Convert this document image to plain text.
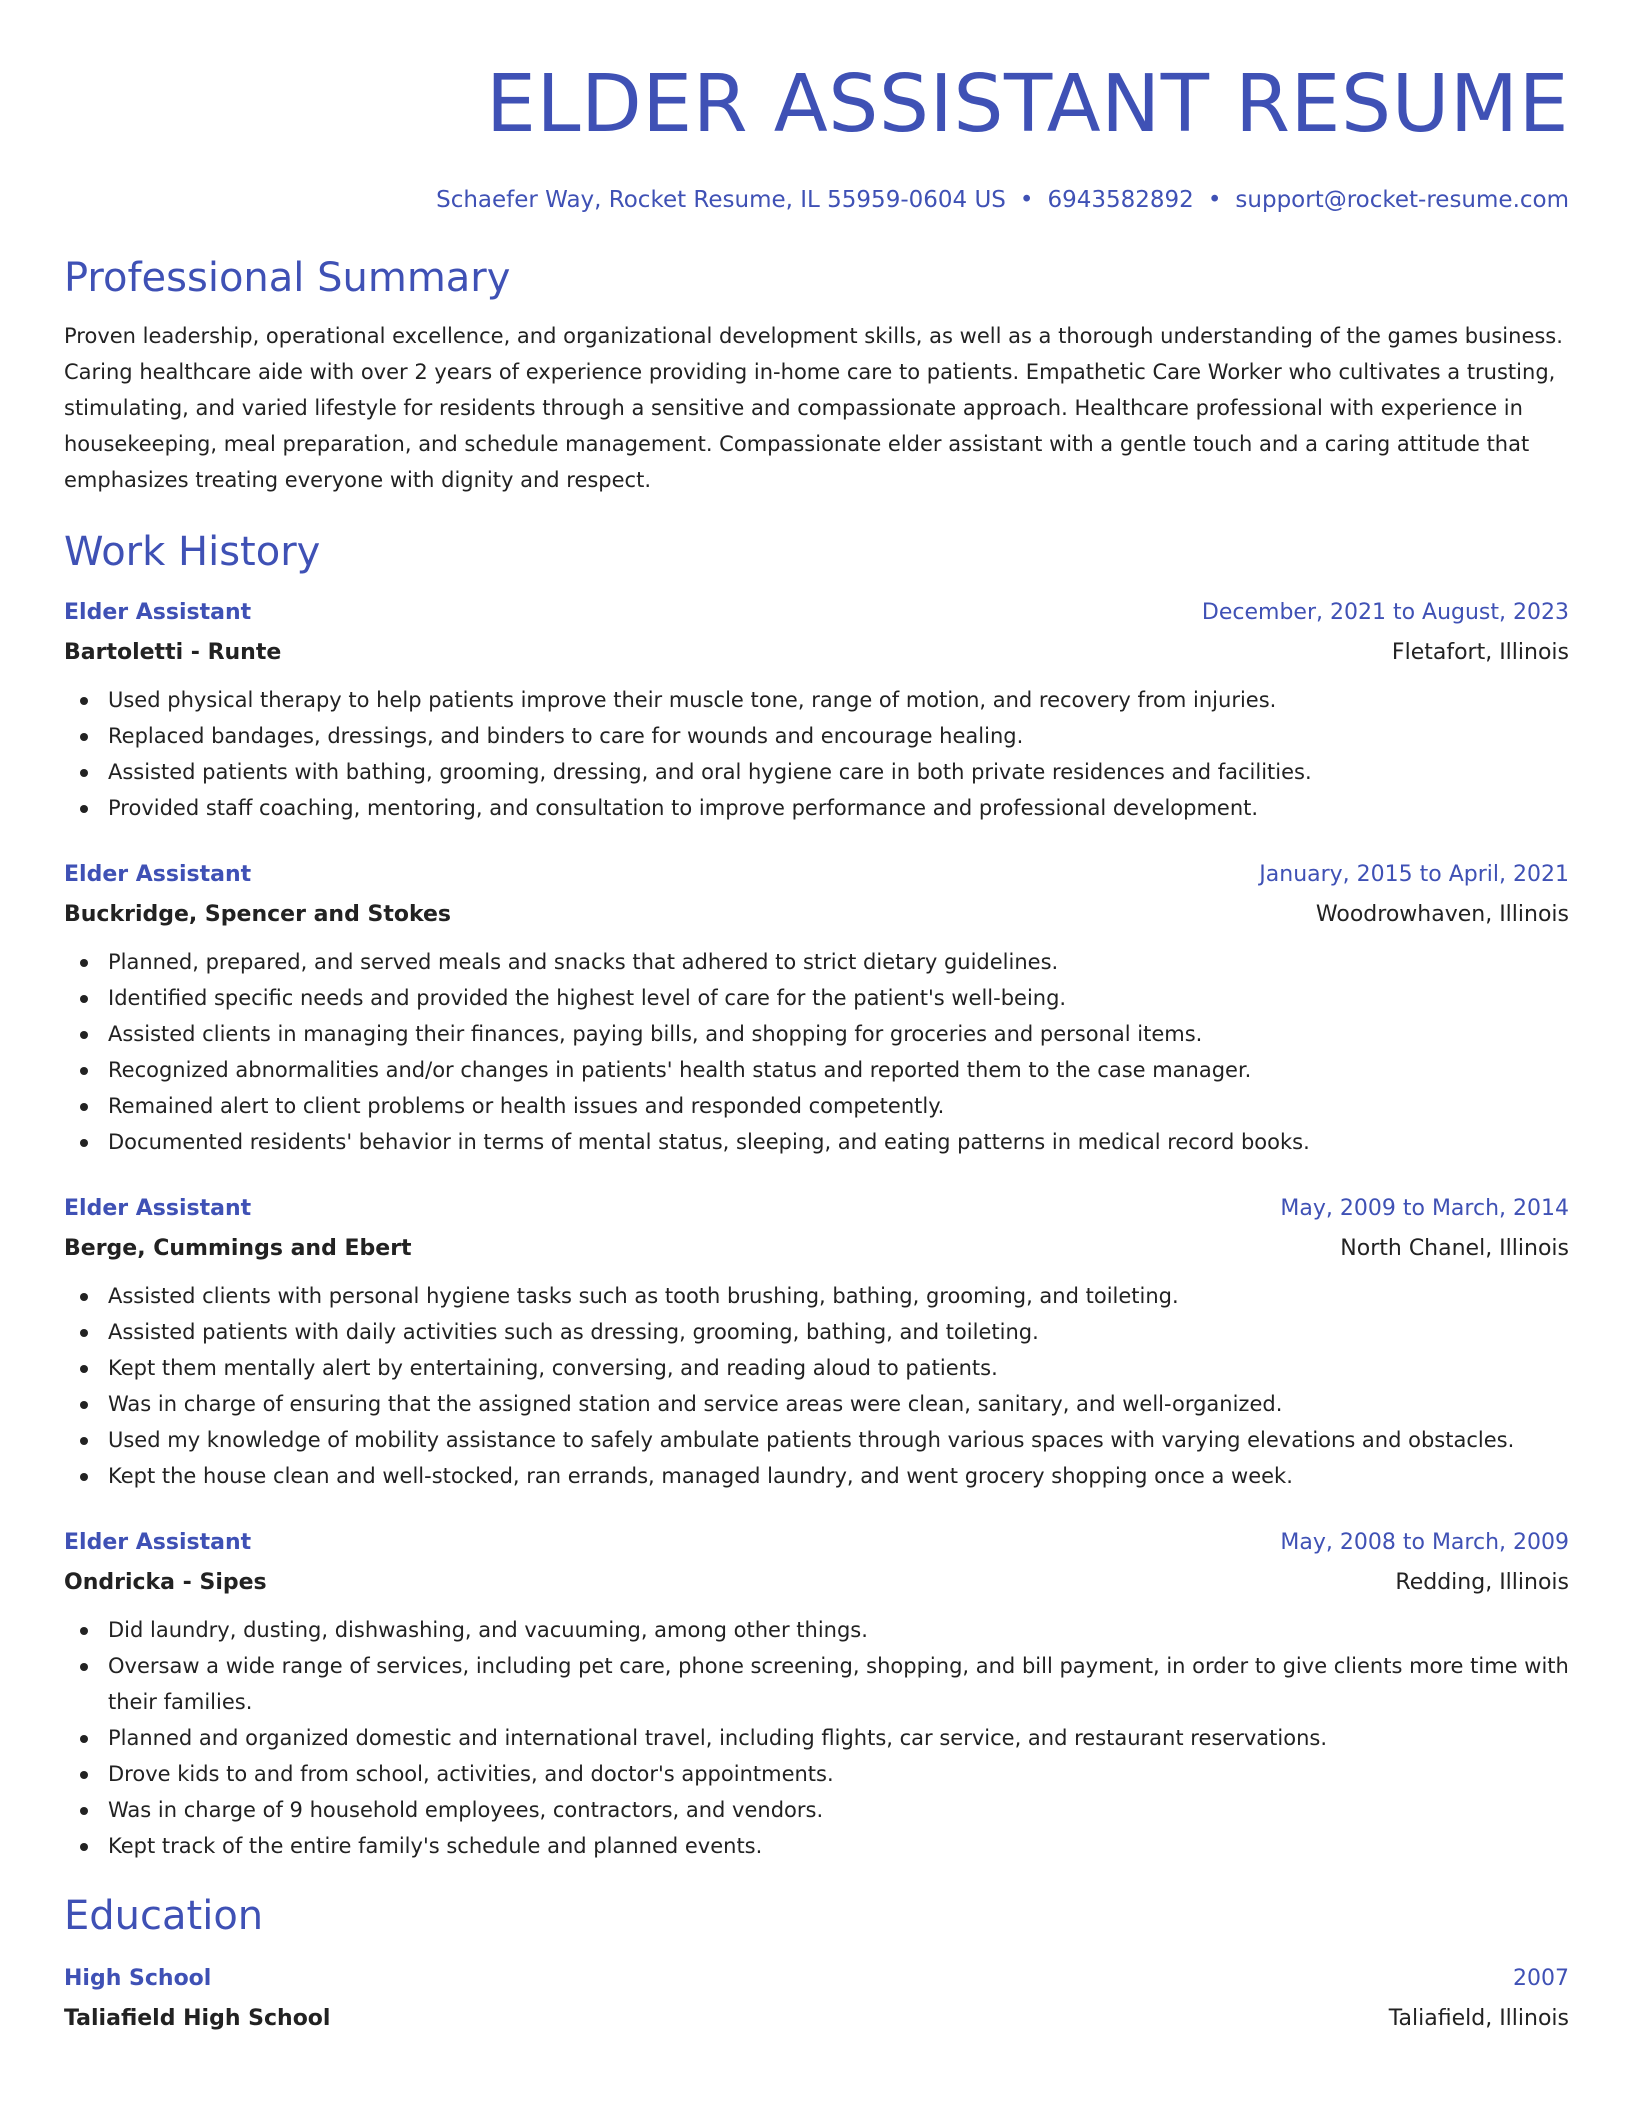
ELDER ASSISTANT RESUME
Schaefer Way, Rocket Resume, IL 55959-0604 US • 6943582892 • support@rocket-resume.com
Professional Summary

Proven leadership, operational excellence, and organizational development skills, as well as a thorough understanding of the games business. Caring healthcare aide with over 2 years of experience providing in-home care to patients. Empathetic Care Worker who cultivates a trusting, stimulating, and varied lifestyle for residents through a sensitive and compassionate approach. Healthcare professional with experience in housekeeping, meal preparation, and schedule management. Compassionate elder assistant with a gentle touch and a caring attitude that emphasizes treating everyone with dignity and respect.

Work History
Elder Assistant	December, 2021 to August, 2023
Bartoletti - Runte	Fletafort, Illinois
Used physical therapy to help patients improve their muscle tone, range of motion, and recovery from injuries.
Replaced bandages, dressings, and binders to care for wounds and encourage healing.
Assisted patients with bathing, grooming, dressing, and oral hygiene care in both private residences and facilities.
Provided staff coaching, mentoring, and consultation to improve performance and professional development.
Elder Assistant	January, 2015 to April, 2021
Buckridge, Spencer and Stokes	Woodrowhaven, Illinois
Planned, prepared, and served meals and snacks that adhered to strict dietary guidelines.
Identified specific needs and provided the highest level of care for the patient's well-being.
Assisted clients in managing their finances, paying bills, and shopping for groceries and personal items.
Recognized abnormalities and/or changes in patients' health status and reported them to the case manager.
Remained alert to client problems or health issues and responded competently.
Documented residents' behavior in terms of mental status, sleeping, and eating patterns in medical record books.
Elder Assistant	May, 2009 to March, 2014
Berge, Cummings and Ebert	North Chanel, Illinois
Assisted clients with personal hygiene tasks such as tooth brushing, bathing, grooming, and toileting.
Assisted patients with daily activities such as dressing, grooming, bathing, and toileting.
Kept them mentally alert by entertaining, conversing, and reading aloud to patients.
Was in charge of ensuring that the assigned station and service areas were clean, sanitary, and well-organized.
Used my knowledge of mobility assistance to safely ambulate patients through various spaces with varying elevations and obstacles.
Kept the house clean and well-stocked, ran errands, managed laundry, and went grocery shopping once a week.
Elder Assistant	May, 2008 to March, 2009
Ondricka - Sipes	Redding, Illinois
Did laundry, dusting, dishwashing, and vacuuming, among other things.
Oversaw a wide range of services, including pet care, phone screening, shopping, and bill payment, in order to give clients more time with their families.
Planned and organized domestic and international travel, including flights, car service, and restaurant reservations.
Drove kids to and from school, activities, and doctor's appointments.
Was in charge of 9 household employees, contractors, and vendors.
Kept track of the entire family's schedule and planned events.
Education
High School	2007
Taliafield High School	Taliafield, Illinois
